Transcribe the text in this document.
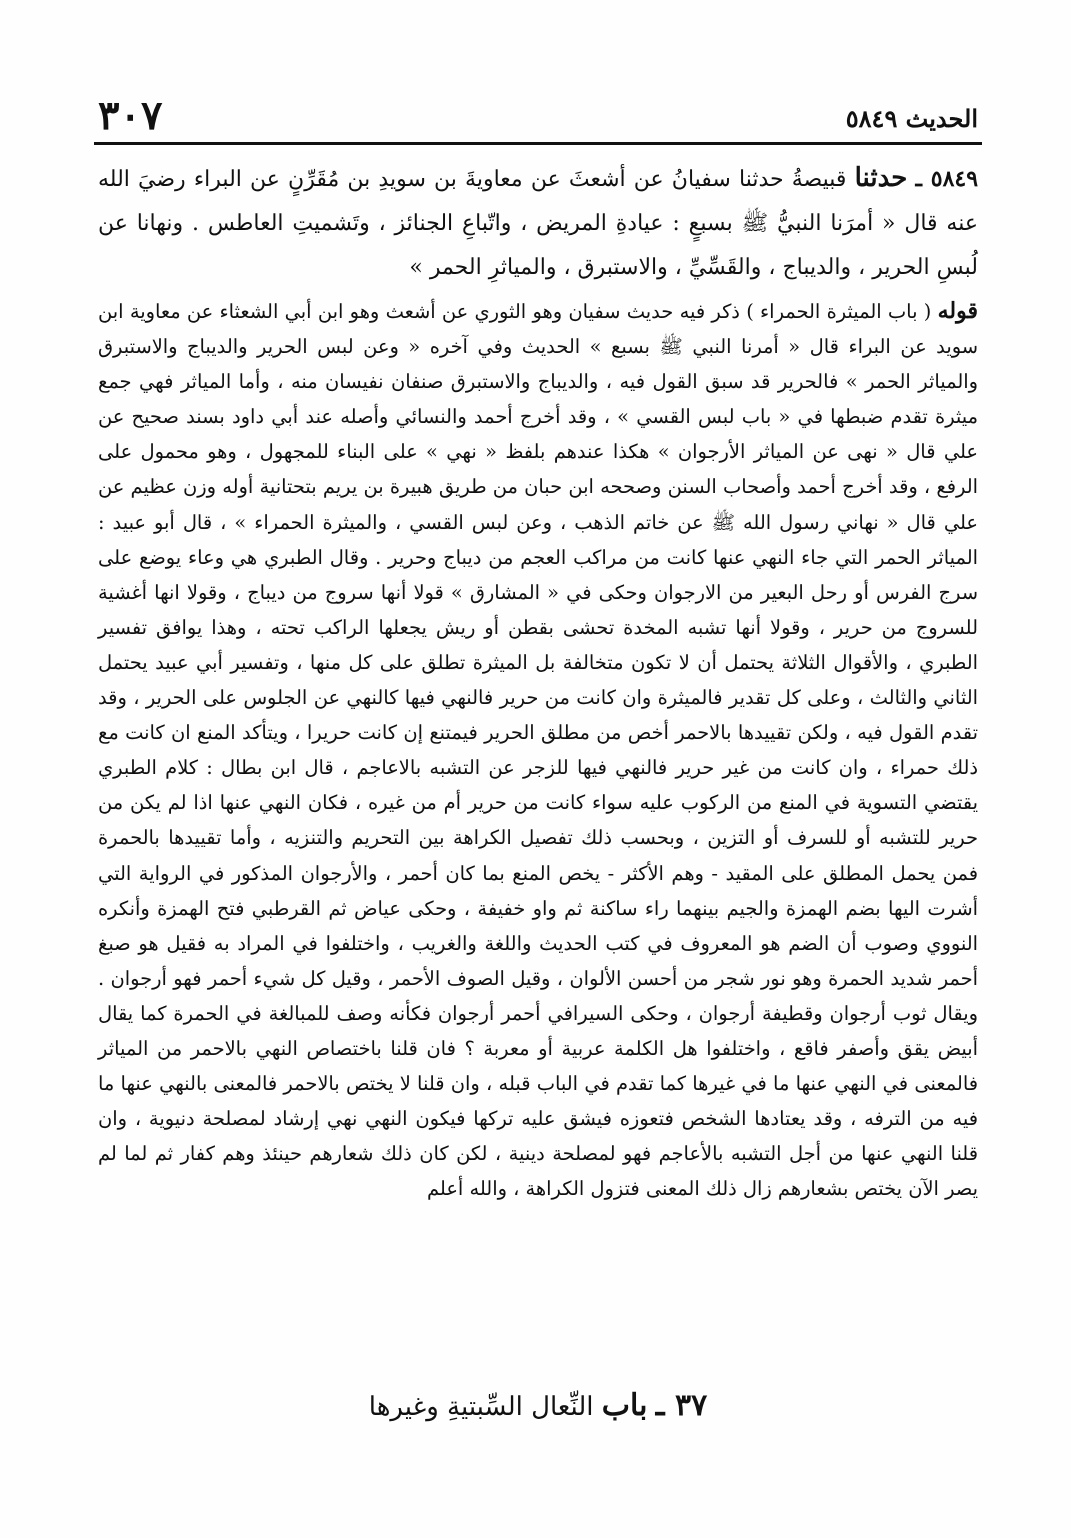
الحديث ٥٨٤٩
٣٠٧

٥٨٤٩ ـ حدثنا قبيصةُ حدثنا سفيانُ عن أشعثَ عن معاويةَ بن سويدِ بن مُقَرِّنٍ عن البراء رضيَ الله عنه قال « أمرَنا النبيُّ ﷺ بسبعٍ : عيادةِ المريض ، واتّباعِ الجنائز ، وتَشميتِ العاطس . ونهانا عن لُبسِ الحرير ، والديباج ، والقَسِّيِّ ، والاستبرق ، والمياثرِ الحمر »

قوله ( باب الميثرة الحمراء ) ذكر فيه حديث سفيان وهو الثوري عن أشعث وهو ابن أبي الشعثاء عن معاوية ابن سويد عن البراء قال « أمرنا النبي ﷺ بسبع » الحديث وفي آخره « وعن لبس الحرير والديباج والاستبرق والمياثر الحمر » فالحرير قد سبق القول فيه ، والديباج والاستبرق صنفان نفيسان منه ، وأما المياثر فهي جمع ميثرة تقدم ضبطها في « باب لبس القسي » ، وقد أخرج أحمد والنسائي وأصله عند أبي داود بسند صحيح عن علي قال « نهى عن المياثر الأرجوان » هكذا عندهم بلفظ « نهي » على البناء للمجهول ، وهو محمول على الرفع ، وقد أخرج أحمد وأصحاب السنن وصححه ابن حبان من طريق هبيرة بن يريم بتحتانية أوله وزن عظيم عن علي قال « نهاني رسول الله ﷺ عن خاتم الذهب ، وعن لبس القسي ، والميثرة الحمراء » ، قال أبو عبيد : المياثر الحمر التي جاء النهي عنها كانت من مراكب العجم من ديباج وحرير . وقال الطبري هي وعاء يوضع على سرج الفرس أو رحل البعير من الارجوان وحكى في « المشارق » قولا أنها سروج من ديباج ، وقولا انها أغشية للسروج من حرير ، وقولا أنها تشبه المخدة تحشى بقطن أو ريش يجعلها الراكب تحته ، وهذا يوافق تفسير الطبري ، والأقوال الثلاثة يحتمل أن لا تكون متخالفة بل الميثرة تطلق على كل منها ، وتفسير أبي عبيد يحتمل الثاني والثالث ، وعلى كل تقدير فالميثرة وان كانت من حرير فالنهي فيها كالنهي عن الجلوس على الحرير ، وقد تقدم القول فيه ، ولكن تقييدها بالاحمر أخص من مطلق الحرير فيمتنع إن كانت حريرا ، ويتأكد المنع ان كانت مع ذلك حمراء ، وان كانت من غير حرير فالنهي فيها للزجر عن التشبه بالاعاجم ، قال ابن بطال : كلام الطبري يقتضي التسوية في المنع من الركوب عليه سواء كانت من حرير أم من غيره ، فكان النهي عنها اذا لم يكن من حرير للتشبه أو للسرف أو التزين ، وبحسب ذلك تفصيل الكراهة بين التحريم والتنزيه ، وأما تقييدها بالحمرة فمن يحمل المطلق على المقيد - وهم الأكثر - يخص المنع بما كان أحمر ، والأرجوان المذكور في الرواية التي أشرت اليها بضم الهمزة والجيم بينهما راء ساكنة ثم واو خفيفة ، وحكى عياض ثم القرطبي فتح الهمزة وأنكره النووي وصوب أن الضم هو المعروف في كتب الحديث واللغة والغريب ، واختلفوا في المراد به فقيل هو صبغ أحمر شديد الحمرة وهو نور شجر من أحسن الألوان ، وقيل الصوف الأحمر ، وقيل كل شيء أحمر فهو أرجوان . ويقال ثوب أرجوان وقطيفة أرجوان ، وحكى السيرافي أحمر أرجوان فكأنه وصف للمبالغة في الحمرة كما يقال أبيض يقق وأصفر فاقع ، واختلفوا هل الكلمة عربية أو معربة ؟ فان قلنا باختصاص النهي بالاحمر من المياثر فالمعنى في النهي عنها ما في غيرها كما تقدم في الباب قبله ، وان قلنا لا يختص بالاحمر فالمعنى بالنهي عنها ما فيه من الترفه ، وقد يعتادها الشخص فتعوزه فيشق عليه تركها فيكون النهي نهي إرشاد لمصلحة دنيوية ، وان قلنا النهي عنها من أجل التشبه بالأعاجم فهو لمصلحة دينية ، لكن كان ذلك شعارهم حينئذ وهم كفار ثم لما لم يصر الآن يختص بشعارهم زال ذلك المعنى فتزول الكراهة ، والله أعلم

٣٧ ـ باب النِّعال السِّبتيةِ وغيرها
